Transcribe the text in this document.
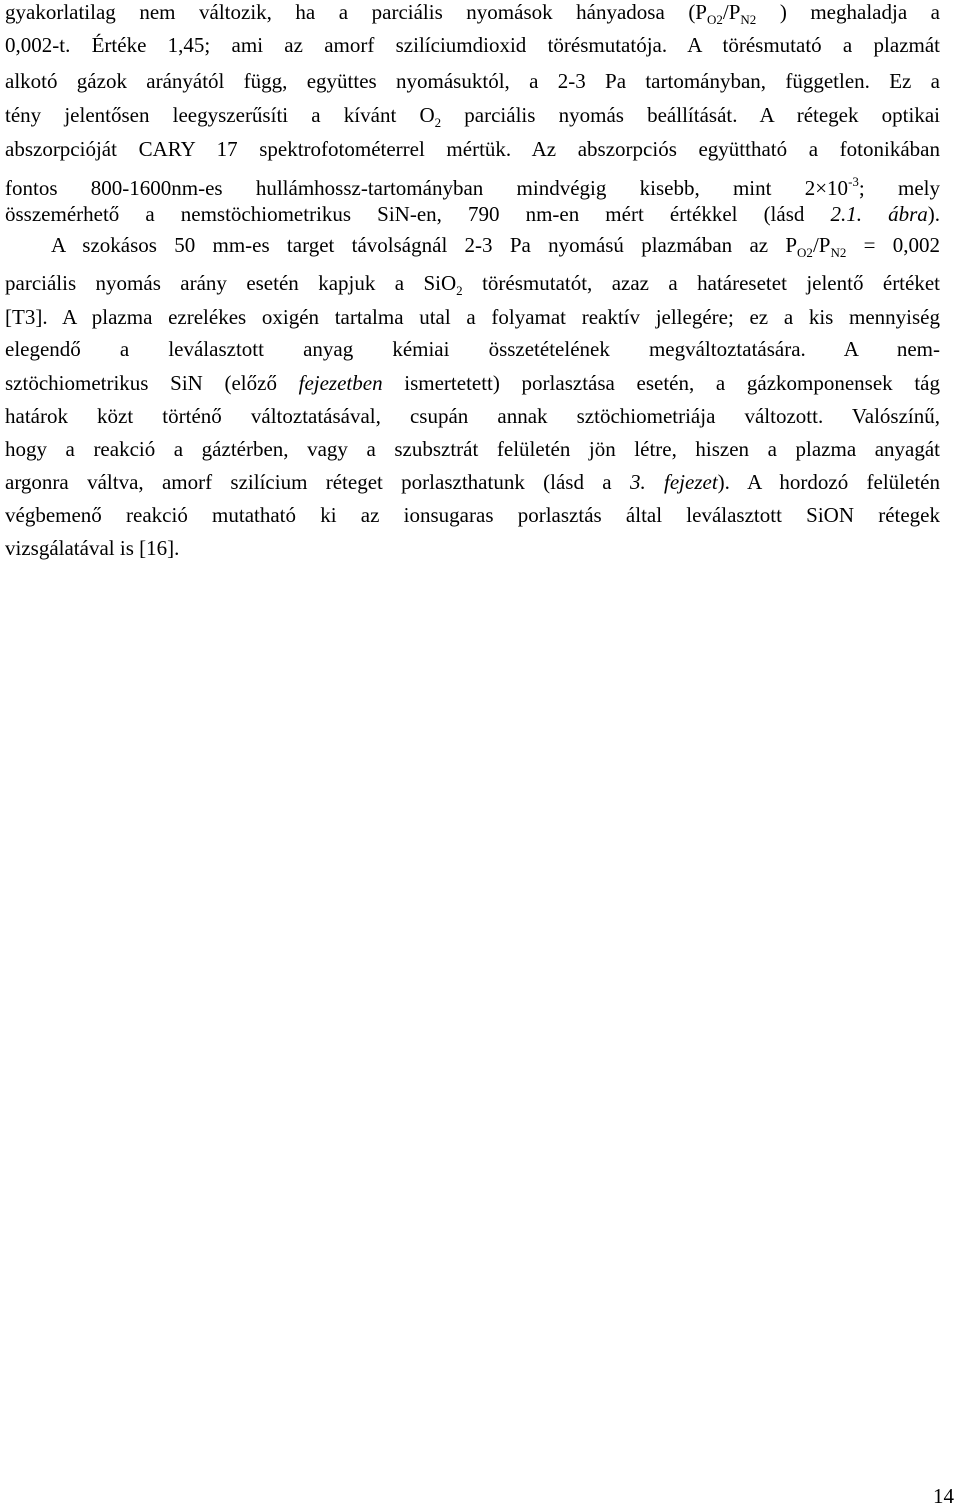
gyakorlatilag nem változik, ha a parciális nyomások hányadosa ($P_{O2}/P_{N2}$ ) meghaladja a
0,002-t. Értéke 1,45; ami az amorf szilíciumdioxid törésmutatója. A törésmutató a plazmát
alkotó gázok arányától függ, együttes nyomásuktól, a 2-3 Pa tartományban, független. Ez a
tény jelentősen leegyszerűsíti a kívánt $O_2$ parciális nyomás beállítását. A rétegek optikai
abszorpcióját CARY 17 spektrofotométerrel mértük. Az abszorpciós együttható a fotonikában
fontos 800-1600nm-es hullámhossz-tartományban mindvégig kisebb, mint $2\times 10^{-3}$; mely
összemérhető a nemstöchiometrikus SiN-en, 790 nm-en mért értékkel (lásd 2.1. ábra).
A szokásos 50 mm-es target távolságnál 2-3 Pa nyomású plazmában az $P_{O2}/P_{N2} = 0,002$
parciális nyomás arány esetén kapjuk a SiO$_2$ törésmutatót, azaz a határesetet jelentő értéket
[T3]. A plazma ezrelékes oxigén tartalma utal a folyamat reaktív jellegére; ez a kis mennyiség
elegendő a leválasztott anyag kémiai összetételének megváltoztatására. A nem-
sztöchiometrikus SiN (előző fejezetben ismertetett) porlasztása esetén, a gázkomponensek tág
határok közt történő változtatásával, csupán annak sztöchiometriája változott. Valószínű,
hogy a reakció a gáztérben, vagy a szubsztrát felületén jön létre, hiszen a plazma anyagát
argonra váltva, amorf szilícium réteget porlaszthatunk (lásd a 3. fejezet). A hordozó felületén
végbemenő reakció mutatható ki az ionsugaras porlasztás által leválasztott SiON rétegek
vizsgálatával is [16].
14
